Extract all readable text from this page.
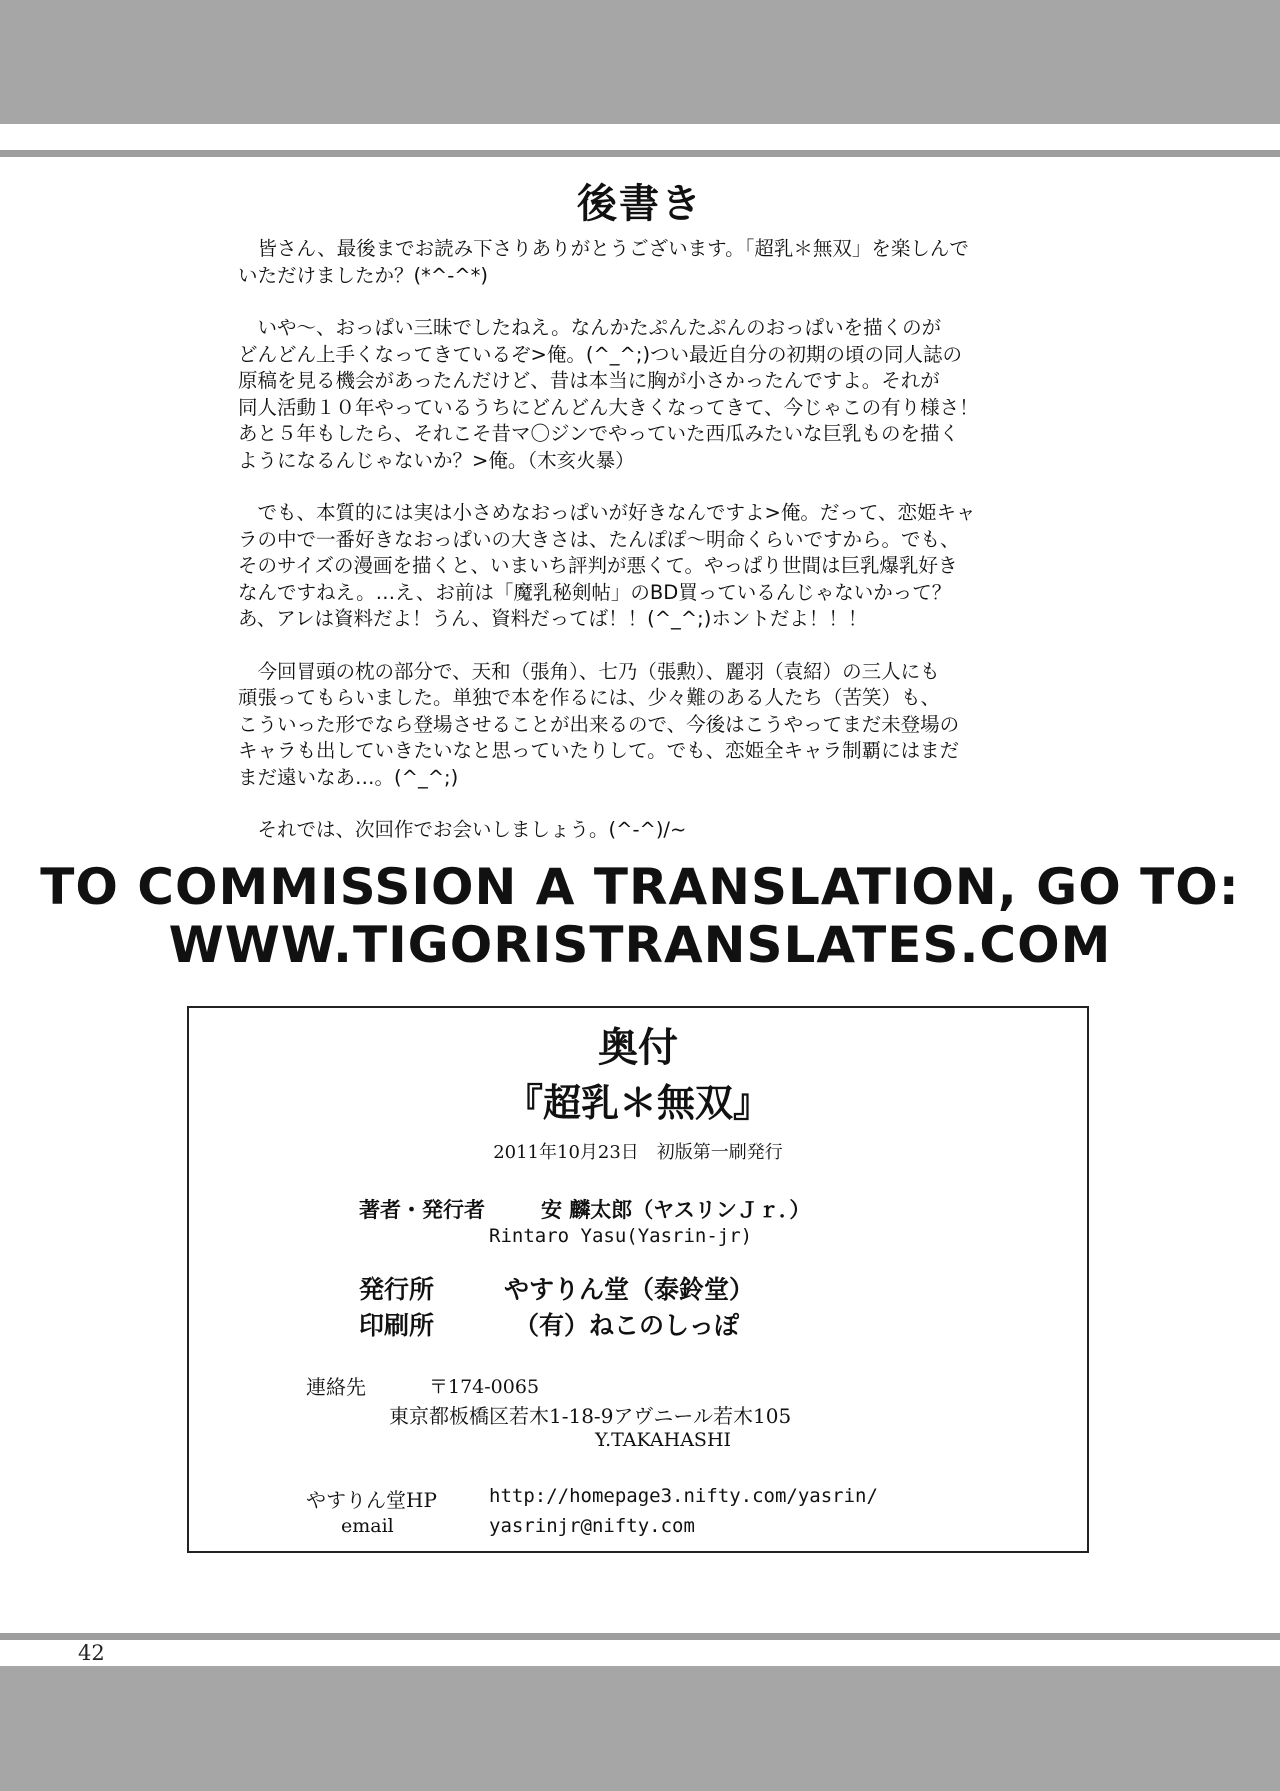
後書き

　皆さん、最後までお読み下さりありがとうございます。「超乳＊無双」を楽しんで
いただけましたか？(*^-^*)

　いや～、おっぱい三昧でしたねえ。なんかたぷんたぷんのおっぱいを描くのが
どんどん上手くなってきているぞ>俺。(^_^;)つい最近自分の初期の頃の同人誌の
原稿を見る機会があったんだけど、昔は本当に胸が小さかったんですよ。それが
同人活動１０年やっているうちにどんどん大きくなってきて、今じゃこの有り様さ！
あと５年もしたら、それこそ昔マ〇ジンでやっていた西瓜みたいな巨乳ものを描く
ようになるんじゃないか？>俺。（木亥火暴）

　でも、本質的には実は小さめなおっぱいが好きなんですよ>俺。だって、恋姫キャ
ラの中で一番好きなおっぱいの大きさは、たんぽぽ～明命くらいですから。でも、
そのサイズの漫画を描くと、いまいち評判が悪くて。やっぱり世間は巨乳爆乳好き
なんですねえ。…え、お前は「魔乳秘剣帖」のBD買っているんじゃないかって？
あ、アレは資料だよ！うん、資料だってば！！(^_^;)ホントだよ！！！

　今回冒頭の枕の部分で、天和（張角）、七乃（張勲）、麗羽（袁紹）の三人にも
頑張ってもらいました。単独で本を作るには、少々難のある人たち（苦笑）も、
こういった形でなら登場させることが出来るので、今後はこうやってまだ未登場の
キャラも出していきたいなと思っていたりして。でも、恋姫全キャラ制覇にはまだ
まだ遠いなあ…。(^_^;)

　それでは、次回作でお会いしましょう。(^-^)/~

TO COMMISSION A TRANSLATION, GO TO:
WWW.TIGORISTRANSLATES.COM
奥付
『超乳＊無双』
2011年10月23日　初版第一刷発行
著者・発行者	安 麟太郎（ヤスリンＪｒ．）
Rintaro Yasu(Yasrin-jr)
発行所	やすりん堂（泰鈴堂）
印刷所	（有）ねこのしっぽ
連絡先	〒174-0065
東京都板橋区若木1-18-9アヴニール若木105
Y.TAKAHASHI
やすりん堂HP	http://homepage3.nifty.com/yasrin/
email	yasrinjr@nifty.com
42
